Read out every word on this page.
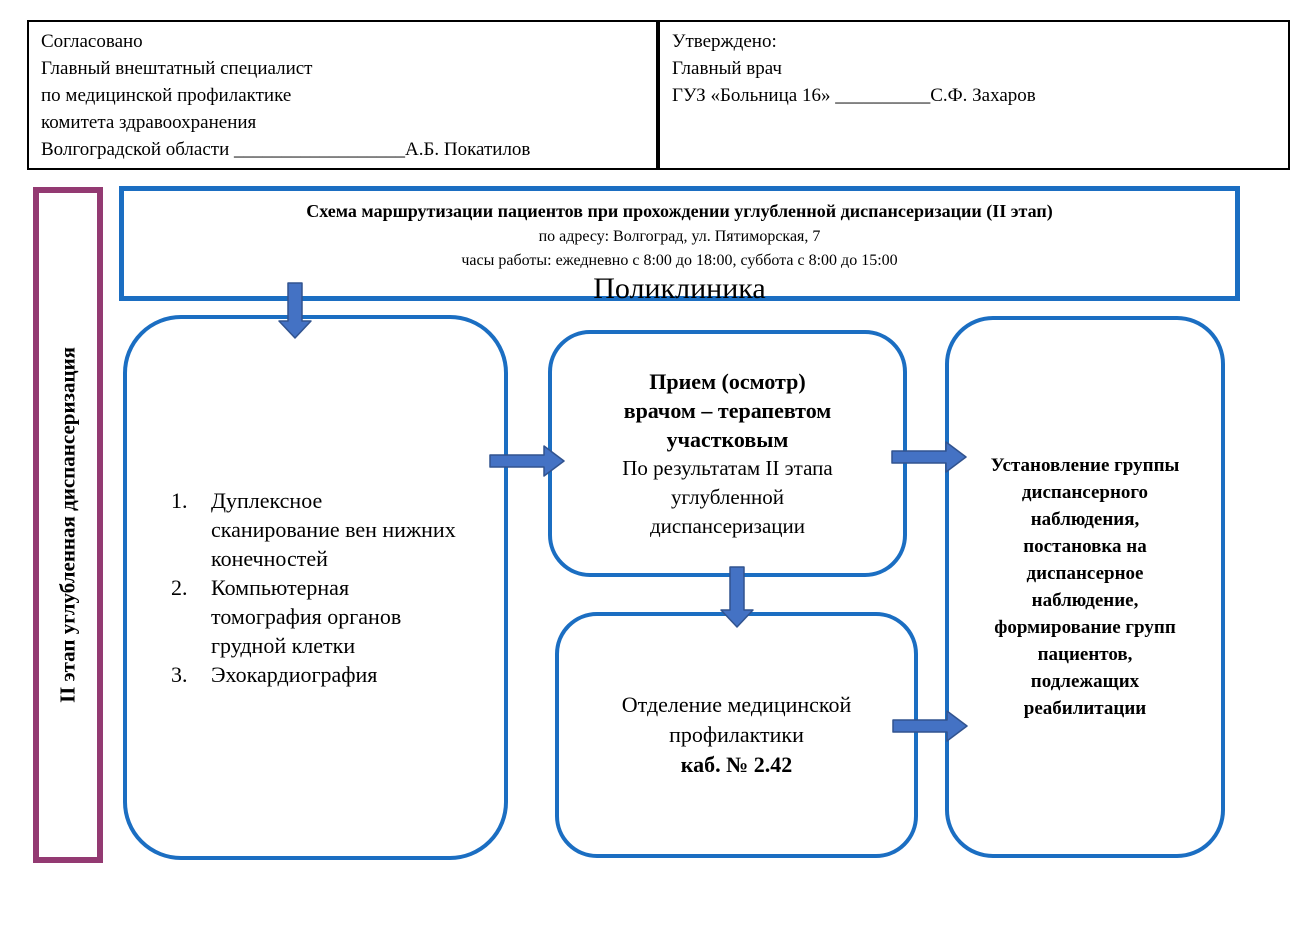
Согласовано
Главный внештатный специалист
по медицинской профилактике
комитета здравоохранения
Волгоградской области __________________А.Б. Покатилов
Утверждено:
Главный врач
ГУЗ «Больница 16» __________С.Ф. Захаров
II этап углубленная диспансеризация
Схема маршрутизации пациентов при прохождении углубленной диспансеризации (II этап)
по адресу: Волгоград, ул. Пятиморская, 7
часы работы: ежедневно с 8:00 до 18:00, суббота с 8:00 до 15:00
Поликлиника
Дуплексное сканирование вен нижних конечностей
Компьютерная томография органов грудной клетки
Эхокардиография
Прием (осмотр)
врачом – терапевтом
участковым
По результатам II этапа
углубленной
диспансеризации
Отделение медицинской
профилактики
каб. № 2.42
Установление группы
диспансерного
наблюдения,
постановка на
диспансерное
наблюдение,
формирование групп
пациентов,
подлежащих
реабилитации
